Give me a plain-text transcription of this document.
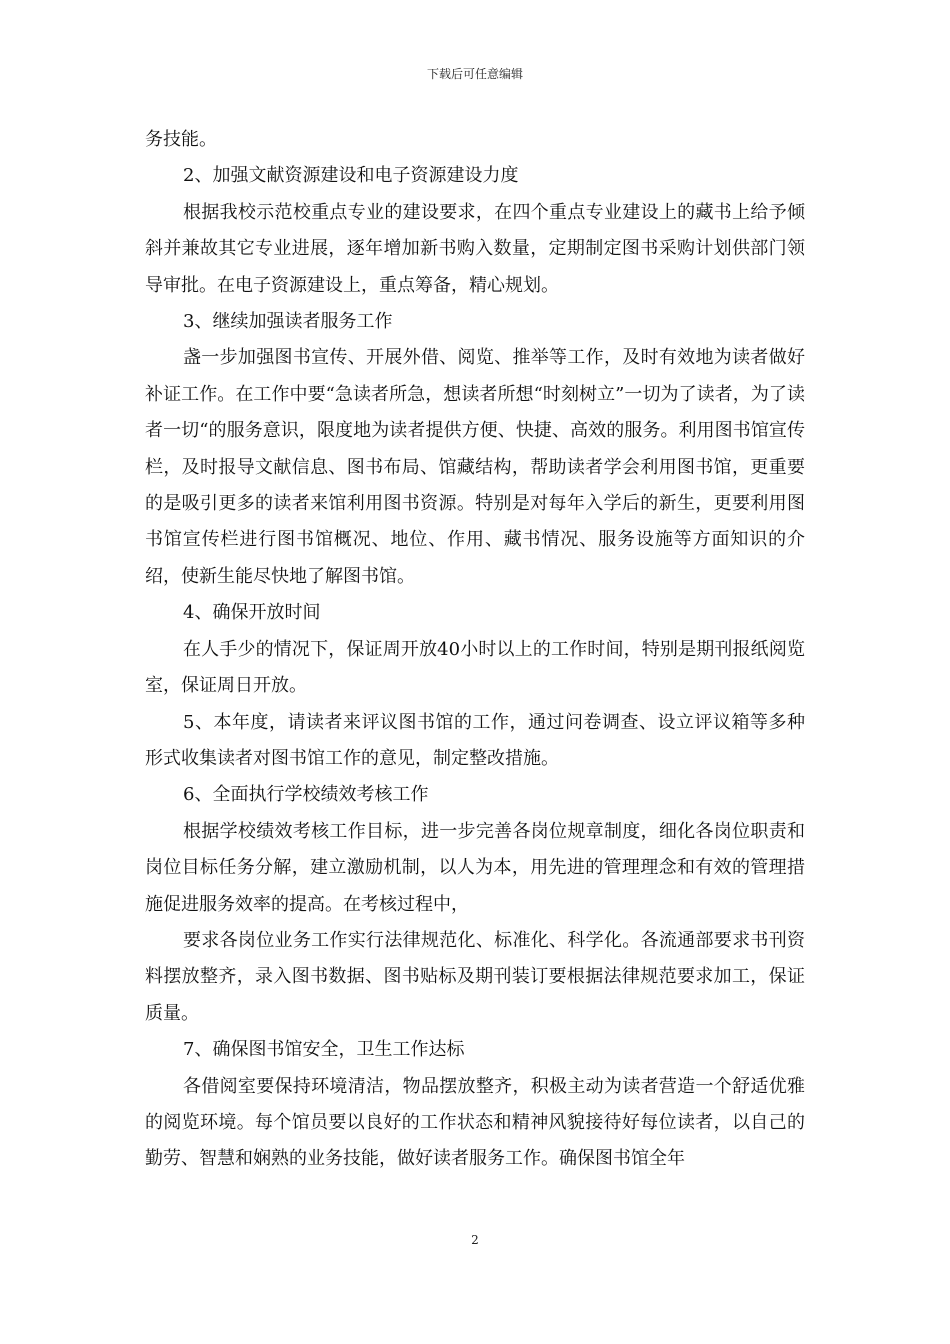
下载后可任意编辑

务技能。

2、加强文献资源建设和电子资源建设力度

根据我校示范校重点专业的建设要求，在四个重点专业建设上的藏书上给予倾斜并兼故其它专业进展，逐年增加新书购入数量，定期制定图书采购计划供部门领导审批。在电子资源建设上，重点筹备，精心规划。

3、继续加强读者服务工作

盏一步加强图书宣传、开展外借、阅览、推举等工作，及时有效地为读者做好补证工作。在工作中要“急读者所急，想读者所想“时刻树立”一切为了读者，为了读者一切“的服务意识，限度地为读者提供方便、快捷、高效的服务。利用图书馆宣传栏，及时报导文献信息、图书布局、馆藏结构，帮助读者学会利用图书馆，更重要的是吸引更多的读者来馆利用图书资源。特别是对每年入学后的新生，更要利用图书馆宣传栏进行图书馆概况、地位、作用、藏书情况、服务设施等方面知识的介绍，使新生能尽快地了解图书馆。

4、确保开放时间

在人手少的情况下，保证周开放40小时以上的工作时间，特别是期刊报纸阅览室，保证周日开放。

5、本年度，请读者来评议图书馆的工作，通过问卷调查、设立评议箱等多种形式收集读者对图书馆工作的意见，制定整改措施。

6、全面执行学校绩效考核工作

根据学校绩效考核工作目标，进一步完善各岗位规章制度，细化各岗位职责和岗位目标任务分解，建立激励机制，以人为本，用先进的管理理念和有效的管理措施促进服务效率的提高。在考核过程中，

要求各岗位业务工作实行法律规范化、标准化、科学化。各流通部要求书刊资料摆放整齐，录入图书数据、图书贴标及期刊装订要根据法律规范要求加工，保证质量。

7、确保图书馆安全，卫生工作达标

各借阅室要保持环境清洁，物品摆放整齐，积极主动为读者营造一个舒适优雅的阅览环境。每个馆员要以良好的工作状态和精神风貌接待好每位读者，以自己的勤劳、智慧和娴熟的业务技能，做好读者服务工作。确保图书馆全年

2
